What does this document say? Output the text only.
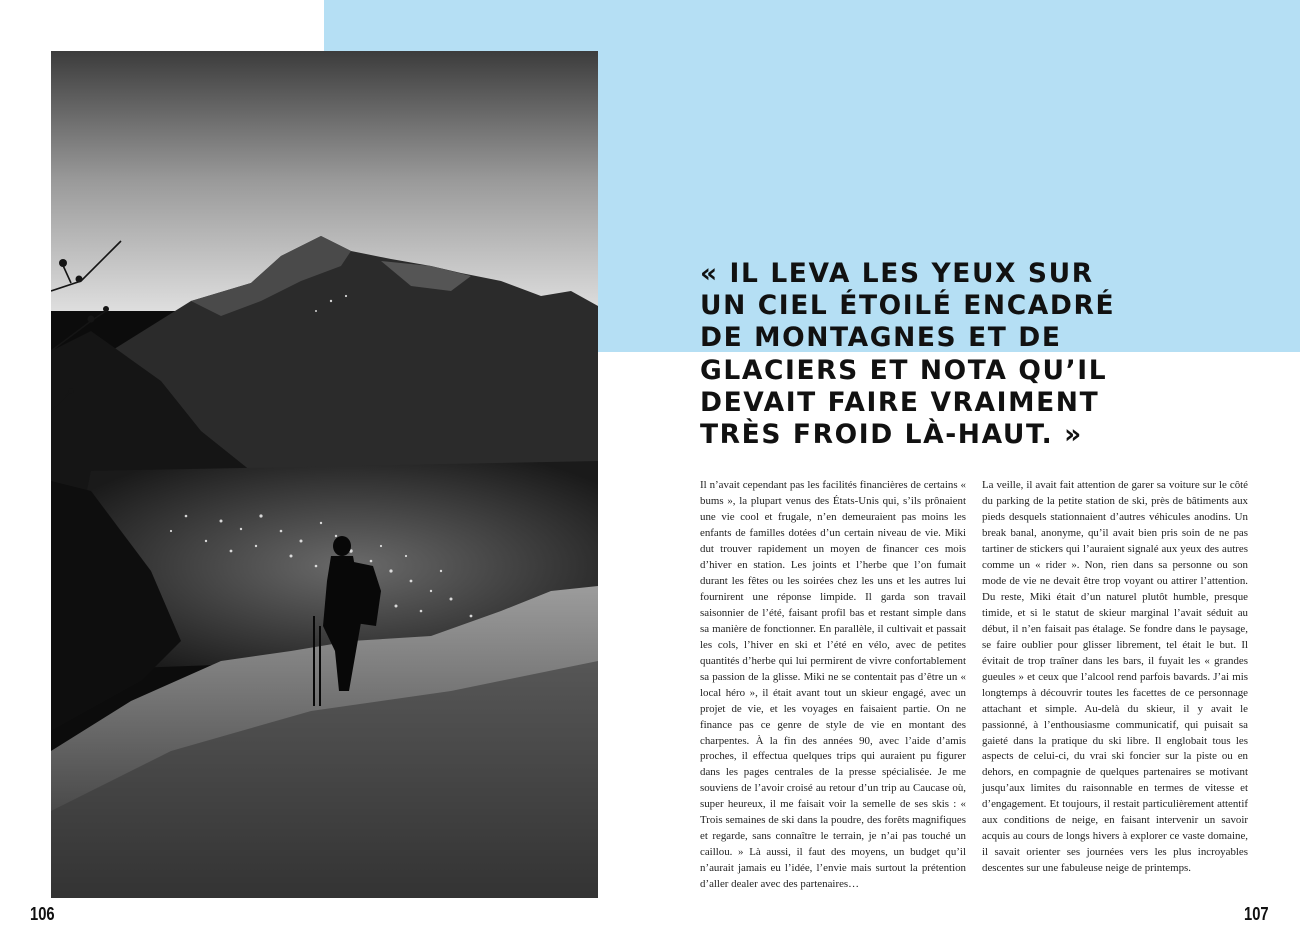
« IL LEVA LES YEUX SUR UN CIEL ÉTOILÉ ENCADRÉ DE MONTAGNES ET DE GLACIERS ET NOTA QU’IL DEVAIT FAIRE VRAIMENT TRÈS FROID LÀ-HAUT. »
Il n’avait cependant pas les facilités financières de certains « bums », la plupart venus des États-Unis qui, s’ils prônaient une vie cool et frugale, n’en demeuraient pas moins les enfants de familles dotées d’un certain niveau de vie. Miki dut trouver rapidement un moyen de financer ces mois d’hiver en station. Les joints et l’herbe que l’on fumait durant les fêtes ou les soirées chez les uns et les autres lui fournirent une réponse limpide. Il garda son travail saisonnier de l’été, faisant profil bas et restant simple dans sa manière de fonctionner. En parallèle, il cultivait et passait les cols, l’hiver en ski et l’été en vélo, avec de petites quantités d’herbe qui lui permirent de vivre confortablement sa passion de la glisse. Miki ne se contentait pas d’être un « local héro », il était avant tout un skieur engagé, avec un projet de vie, et les voyages en faisaient partie. On ne finance pas ce genre de style de vie en montant des charpentes. À la fin des années 90, avec l’aide d’amis proches, il effectua quelques trips qui auraient pu figurer dans les pages centrales de la presse spécialisée. Je me souviens de l’avoir croisé au retour d’un trip au Caucase où, super heureux, il me faisait voir la semelle de ses skis : « Trois semaines de ski dans la poudre, des forêts magnifiques et regarde, sans connaître le terrain, je n’ai pas touché un caillou. » Là aussi, il faut des moyens, un budget qu’il n’aurait jamais eu l’idée, l’envie mais surtout la prétention d’aller dealer avec des partenaires…
La veille, il avait fait attention de garer sa voiture sur le côté du parking de la petite station de ski, près de bâtiments aux pieds desquels stationnaient d’autres véhicules anodins. Un break banal, anonyme, qu’il avait bien pris soin de ne pas tartiner de stickers qui l’auraient signalé aux yeux des autres comme un « rider ». Non, rien dans sa personne ou son mode de vie ne devait être trop voyant ou attirer l’attention. Du reste, Miki était d’un naturel plutôt humble, presque timide, et si le statut de skieur marginal l’avait séduit au début, il n’en faisait pas étalage. Se fondre dans le paysage, se faire oublier pour glisser librement, tel était le but. Il évitait de trop traîner dans les bars, il fuyait les « grandes gueules » et ceux que l’alcool rend parfois bavards. J’ai mis longtemps à découvrir toutes les facettes de ce personnage attachant et simple. Au-delà du skieur, il y avait le passionné, à l’enthousiasme communicatif, qui puisait sa gaieté dans la pratique du ski libre. Il englobait tous les aspects de celui-ci, du vrai ski foncier sur la piste ou en dehors, en compagnie de quelques partenaires se motivant jusqu’aux limites du raisonnable en termes de vitesse et d’engagement. Et toujours, il restait particulièrement attentif aux conditions de neige, en faisant intervenir un savoir acquis au cours de longs hivers à explorer ce vaste domaine, il savait orienter ses journées vers les plus incroyables descentes sur une fabuleuse neige de printemps.
106	107
